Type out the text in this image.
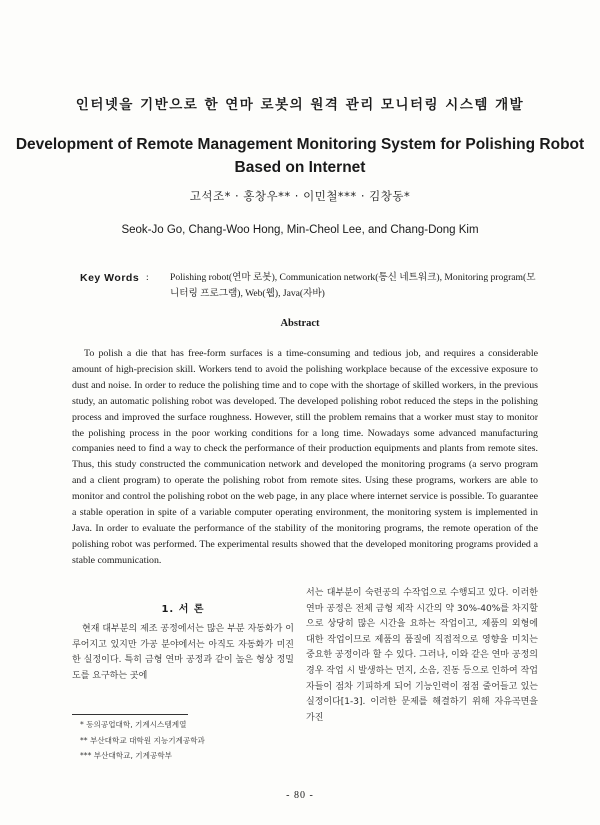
인터넷을 기반으로 한 연마 로봇의 원격 관리 모니터링 시스템 개발
Development of Remote Management Monitoring System for Polishing Robot Based on Internet
고석조* · 홍창우** · 이민철*** · 김창동*
Seok-Jo Go, Chang-Woo Hong, Min-Cheol Lee, and Chang-Dong Kim
Key Words : Polishing robot(연마 로봇), Communication network(통신 네트워크), Monitoring program(모니터링 프로그램), Web(웹), Java(자바)
Abstract
To polish a die that has free-form surfaces is a time-consuming and tedious job, and requires a considerable amount of high-precision skill. Workers tend to avoid the polishing workplace because of the excessive exposure to dust and noise. In order to reduce the polishing time and to cope with the shortage of skilled workers, in the previous study, an automatic polishing robot was developed. The developed polishing robot reduced the steps in the polishing process and improved the surface roughness. However, still the problem remains that a worker must stay to monitor the polishing process in the poor working conditions for a long time. Nowadays some advanced manufacturing companies need to find a way to check the performance of their production equipments and plants from remote sites. Thus, this study constructed the communication network and developed the monitoring programs (a servo program and a client program) to operate the polishing robot from remote sites. Using these programs, workers are able to monitor and control the polishing robot on the web page, in any place where internet service is possible. To guarantee a stable operation in spite of a variable computer operating environment, the monitoring system is implemented in Java. In order to evaluate the performance of the stability of the monitoring programs, the remote operation of the polishing robot was performed. The experimental results showed that the developed monitoring programs provided a stable communication.
1. 서 론
현재 대부분의 제조 공정에서는 많은 부분 자동화가 이루어지고 있지만 가공 분야에서는 아직도 자동화가 미진한 실정이다. 특히 금형 연마 공정과 같이 높은 형상 정밀도를 요구하는 곳에
서는 대부분이 숙련공의 수작업으로 수행되고 있다. 이러한 연마 공정은 전체 금형 제작 시간의 약 30%-40%를 차지할으로 상당히 많은 시간을 요하는 작업이고, 제품의 외형에 대한 작업이므로 제품의 품질에 직접적으로 영향을 미치는 중요한 공정이라 할 수 있다. 그러나, 이와 같은 연마 공정의 경우 작업 시 발생하는 먼지, 소음, 진동 등으로 인하여 작업자들이 점차 기피하게 되어 기능인력이 점점 줄어들고 있는 실정이다[1-3]. 이러한 문제를 해결하기 위해 자유곡면을 가진
* 동의공업대학, 기계시스템계열
** 부산대학교 대학원 지능기계공학과
*** 부산대학교, 기계공학부
- 80 -
